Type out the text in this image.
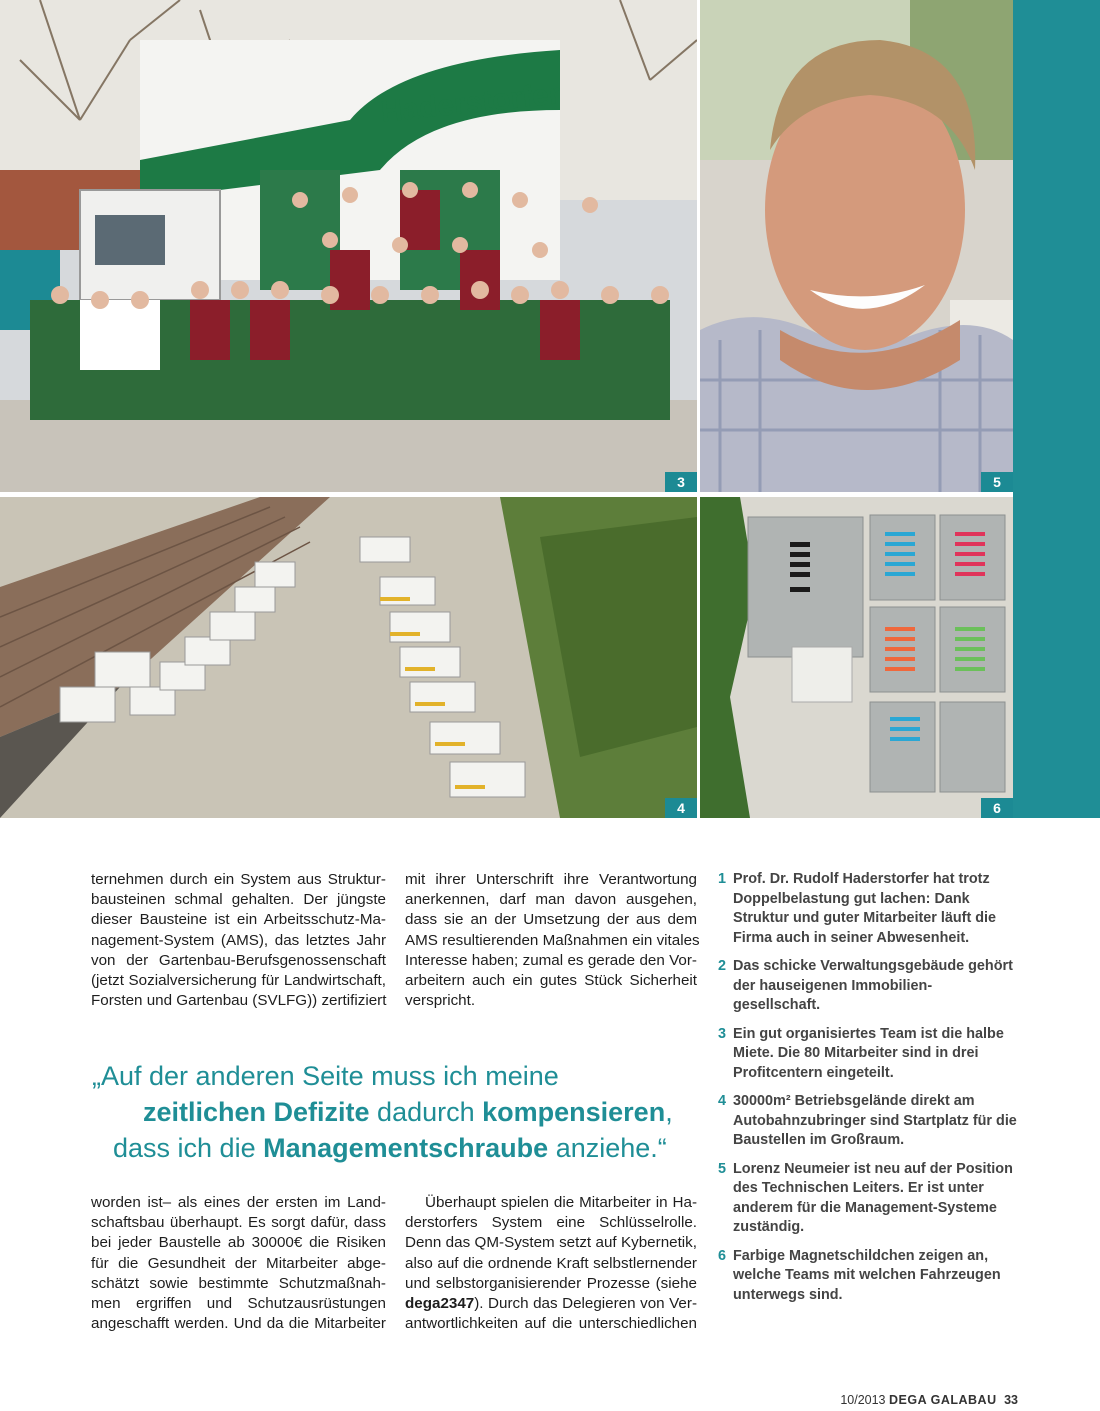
Haderstorfer
3	5
4	6
ternehmen durch ein System aus Struktur-
bausteinen schmal gehalten. Der jüngste
dieser Bausteine ist ein Arbeitsschutz-Ma-
nagement-System (AMS), das letztes Jahr
von der Gartenbau-Berufsgenossenschaft
(jetzt Sozialversicherung für Landwirtschaft,
Forsten und Gartenbau (SVLFG)) zertifiziert
mit ihrer Unterschrift ihre Verantwortung
anerkennen, darf man davon ausgehen,
dass sie an der Umsetzung der aus dem
AMS resultierenden Maßnahmen ein vitales
Interesse haben; zumal es gerade den Vor-
arbeitern auch ein gutes Stück Sicherheit
verspricht.
„Auf der anderen Seite muss ich meine
zeitlichen Defizite dadurch kompensieren,
dass ich die Managementschraube anziehe.“
worden ist– als eines der ersten im Land-
schaftsbau überhaupt. Es sorgt dafür, dass
bei jeder Baustelle ab 30000€ die Risiken
für die Gesundheit der Mitarbeiter abge-
schätzt sowie bestimmte Schutzmaßnah-
men ergriffen und Schutzausrüstungen
angeschafft werden. Und da die Mitarbeiter
Überhaupt spielen die Mitarbeiter in Ha-
derstorfers System eine Schlüsselrolle.
Denn das QM-System setzt auf Kybernetik,
also auf die ordnende Kraft selbstlernender
und selbstorganisierender Prozesse (siehe
dega2347). Durch das Delegieren von Ver-
antwortlichkeiten auf die unterschiedlichen
1 Prof. Dr. Rudolf Haderstorfer hat trotz Doppelbelastung gut lachen: Dank Struktur und guter Mitarbeiter läuft die Firma auch in seiner Abwesenheit.
2 Das schicke Verwaltungsgebäude gehört der hauseigenen Immobilien-gesellschaft.
3 Ein gut organisiertes Team ist die halbe Miete. Die 80 Mitarbeiter sind in drei Profitcentern eingeteilt.
4 30000m² Betriebsgelände direkt am Autobahnzubringer sind Startplatz für die Baustellen im Großraum.
5 Lorenz Neumeier ist neu auf der Position des Technischen Leiters. Er ist unter anderem für die Management-Systeme zuständig.
6 Farbige Magnetschildchen zeigen an, welche Teams mit welchen Fahrzeugen unterwegs sind.
10/2013 DEGA GALABAU 33
